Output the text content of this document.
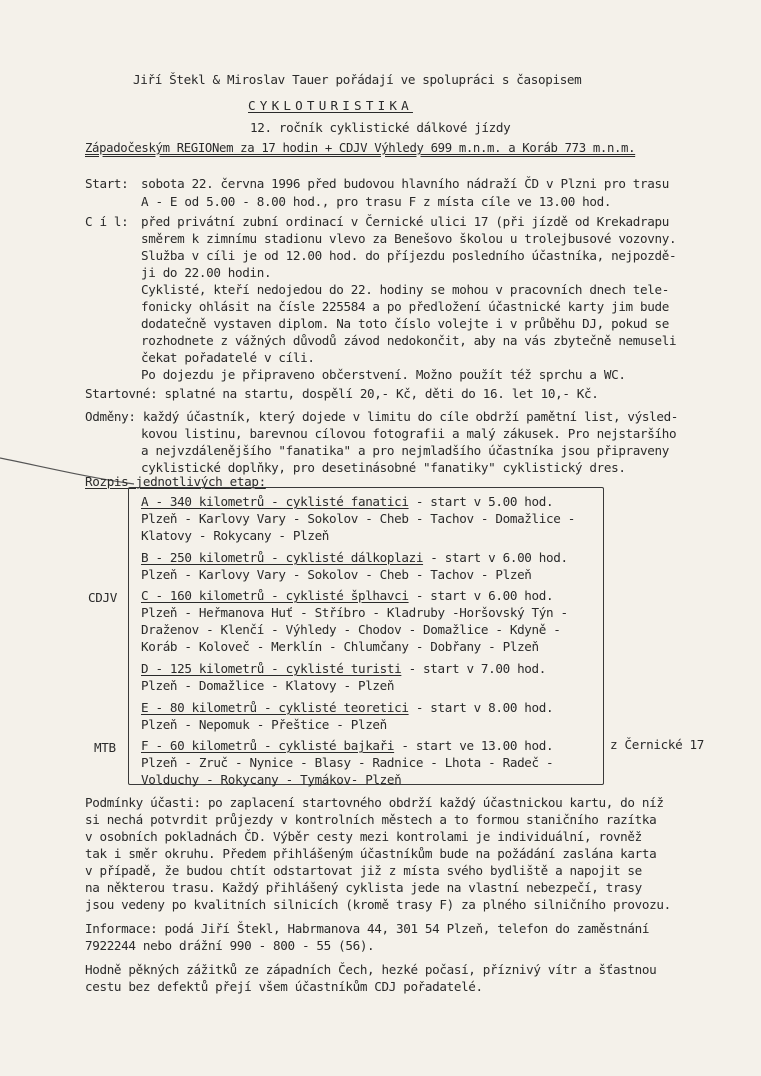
Jiří Štekl & Miroslav Tauer pořádají ve spolupráci s časopisem
CYKLOTURISTIKA
12. ročník cyklistické dálkové jízdy
Západočeským REGIONem za 17 hodin + CDJV Výhledy 699 m.n.m. a Koráb 773 m.n.m.
Start: sobota 22. června 1996 před budovou hlavního nádraží ČD v Plzni pro trasu
A - E od 5.00 - 8.00 hod., pro trasu F z místa cíle ve 13.00 hod.
C í l: před privátní zubní ordinací v Černické ulici 17 (při jízdě od Krekadrapu
směrem k zimnímu stadionu vlevo za Benešovo školou u trolejbusové vozovny.
Služba v cíli je od 12.00 hod. do příjezdu posledního účastníka, nejpozdě-
ji do 22.00 hodin.
Cyklisté, kteří nedojedou do 22. hodiny se mohou v pracovních dnech tele-
fonicky ohlásit na čísle 225584 a po předložení účastnické karty jim bude
dodatečně vystaven diplom. Na toto číslo volejte i v průběhu DJ, pokud se
rozhodnete z vážných důvodů závod nedokončit, aby na vás zbytečně nemuseli
čekat pořadatelé v cíli.
Po dojezdu je připraveno občerstvení. Možno použít též sprchu a WC.
Startovné: splatné na startu, dospělí 20,- Kč, děti do 16. let 10,- Kč.
Odměny: každý účastník, který dojede v limitu do cíle obdrží pamětní list, výsled-
kovou listinu, barevnou cílovou fotografii a malý zákusek. Pro nejstaršího
a nejvzdálenějšího "fanatika" a pro nejmladšího účastníka jsou připraveny
cyklistické doplňky, pro desetinásobné "fanatiky" cyklistický dres.
Rozpis jednotlivých etap:
A - 340 kilometrů - cyklisté fanatici - start v 5.00 hod.
Plzeň - Karlovy Vary - Sokolov - Cheb - Tachov - Domažlice -
Klatovy - Rokycany - Plzeň
B - 250 kilometrů - cyklisté dálkoplazi - start v 6.00 hod.
Plzeň - Karlovy Vary - Sokolov - Cheb - Tachov - Plzeň
CDJV C - 160 kilometrů - cyklisté šplhavci - start v 6.00 hod.
Plzeň - Heřmanova Huť - Stříbro - Kladruby -Horšovský Týn -
Draženov - Klenčí - Výhledy - Chodov - Domažlice - Kdyně -
Koráb - Koloveč - Merklín - Chlumčany - Dobřany - Plzeň
D - 125 kilometrů - cyklisté turisti - start v 7.00 hod.
Plzeň - Domažlice - Klatovy - Plzeň
E - 80 kilometrů - cyklisté teoretici - start v 8.00 hod.
Plzeň - Nepomuk - Přeštice - Plzeň
MTB F - 60 kilometrů - cyklisté bajkaři - start ve 13.00 hod.	z Černické 17
Plzeň - Zruč - Nynice - Blasy - Radnice - Lhota - Radeč -
Volduchy - Rokycany - Tymákov- Plzeň
Podmínky účasti: po zaplacení startovného obdrží každý účastnickou kartu, do níž
si nechá potvrdit průjezdy v kontrolních městech a to formou staničního razítka
v osobních pokladnách ČD. Výběr cesty mezi kontrolami je individuální, rovněž
tak i směr okruhu. Předem přihlášeným účastníkům bude na požádání zaslána karta
v případě, že budou chtít odstartovat již z místa svého bydliště a napojit se
na některou trasu. Každý přihlášený cyklista jede na vlastní nebezpečí, trasy
jsou vedeny po kvalitních silnicích (kromě trasy F) za plného silničního provozu.
Informace: podá Jiří Štekl, Habrmanova 44, 301 54 Plzeň, telefon do zaměstnání
7922244 nebo drážní 990 - 800 - 55 (56).
Hodně pěkných zážitků ze západních Čech, hezké počasí, příznivý vítr a šťastnou
cestu bez defektů přejí všem účastníkům CDJ pořadatelé.
